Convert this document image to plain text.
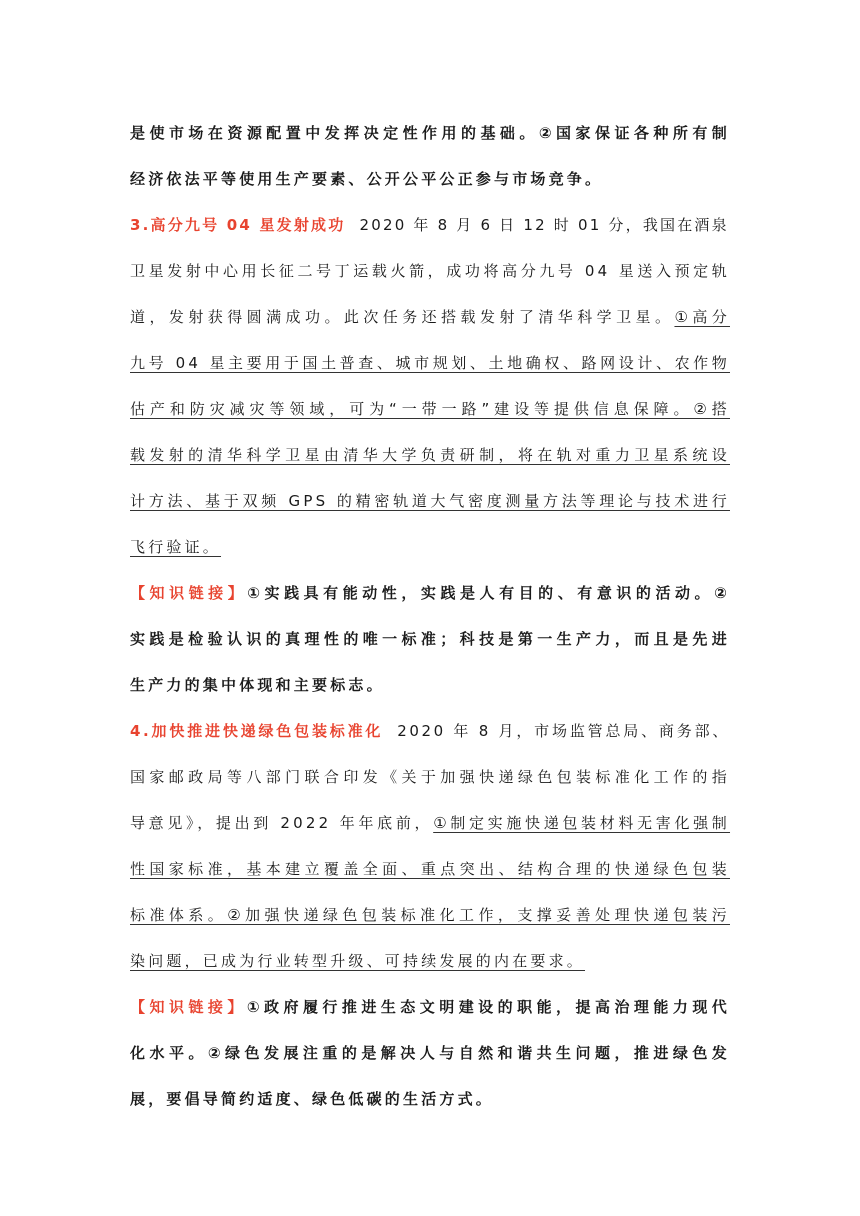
是使市场在资源配置中发挥决定性作用的基础。②国家保证各种所有制
经济依法平等使用生产要素、公开公平公正参与市场竞争。
3.高分九号 04 星发射成功 2020 年 8 月 6 日 12 时 01 分，我国在酒泉
卫星发射中心用长征二号丁运载火箭，成功将高分九号 04 星送入预定轨
道，发射获得圆满成功。此次任务还搭载发射了清华科学卫星。①高分
九号 04 星主要用于国土普查、城市规划、土地确权、路网设计、农作物
估产和防灾减灾等领域，可为“一带一路”建设等提供信息保障。②搭
载发射的清华科学卫星由清华大学负责研制，将在轨对重力卫星系统设
计方法、基于双频 GPS 的精密轨道大气密度测量方法等理论与技术进行
飞行验证。
【知识链接】①实践具有能动性，实践是人有目的、有意识的活动。②
实践是检验认识的真理性的唯一标准；科技是第一生产力，而且是先进
生产力的集中体现和主要标志。
4.加快推进快递绿色包装标准化 2020 年 8 月，市场监管总局、商务部、
国家邮政局等八部门联合印发《关于加强快递绿色包装标准化工作的指
导意见》，提出到 2022 年年底前，①制定实施快递包装材料无害化强制
性国家标准，基本建立覆盖全面、重点突出、结构合理的快递绿色包装
标准体系。②加强快递绿色包装标准化工作，支撑妥善处理快递包装污
染问题，已成为行业转型升级、可持续发展的内在要求。
【知识链接】①政府履行推进生态文明建设的职能，提高治理能力现代
化水平。②绿色发展注重的是解决人与自然和谐共生问题，推进绿色发
展，要倡导简约适度、绿色低碳的生活方式。
